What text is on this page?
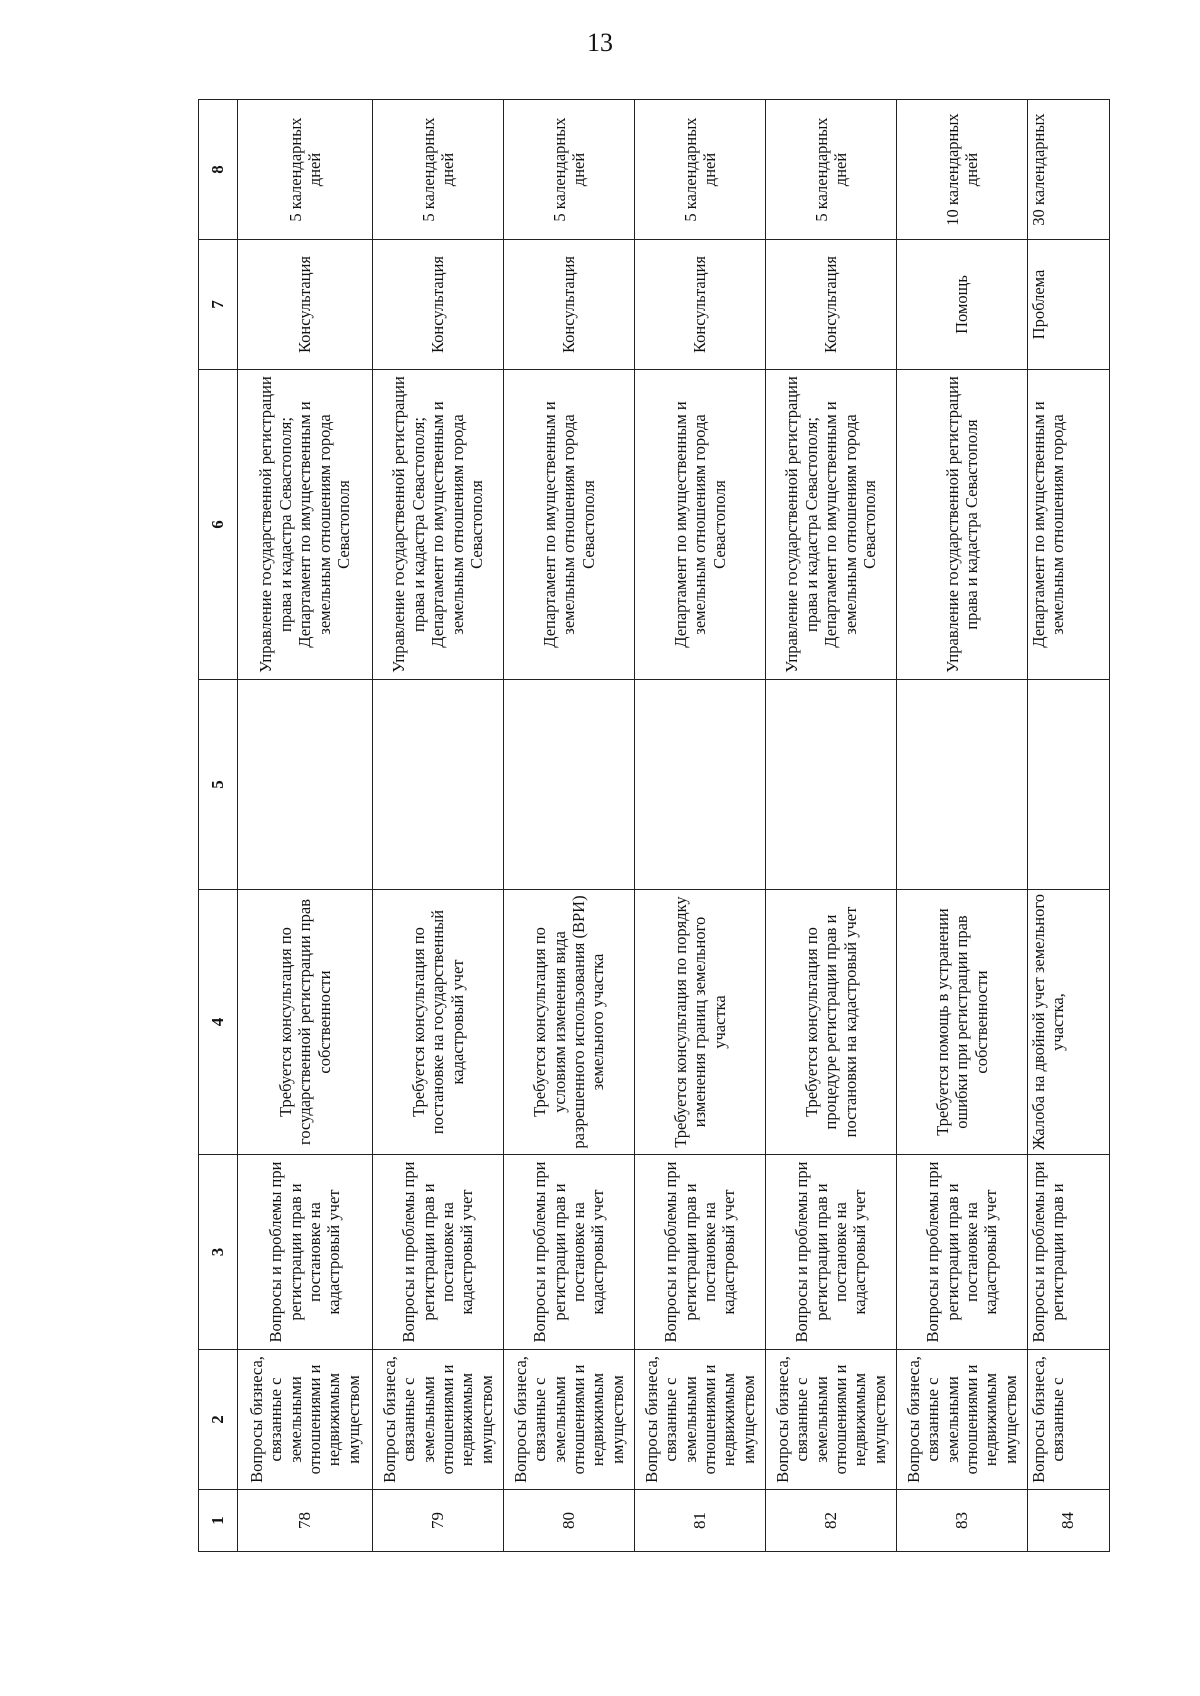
13
1	2	3	4	5	6	7	8
78	Вопросы бизнеса, связанные с земельными отношениями и недвижимым имуществом	Вопросы и проблемы при регистрации прав и постановке на кадастровый учет	Требуется консультация по государственной регистрации прав собственности		Управление государственной регистрации права и кадастра Севастополя; Департамент по имущественным и земельным отношениям города Севастополя	Консультация	5 календарных дней
79	Вопросы бизнеса, связанные с земельными отношениями и недвижимым имуществом	Вопросы и проблемы при регистрации прав и постановке на кадастровый учет	Требуется консультация по постановке на государственный кадастровый учет		Управление государственной регистрации права и кадастра Севастополя; Департамент по имущественным и земельным отношениям города Севастополя	Консультация	5 календарных дней
80	Вопросы бизнеса, связанные с земельными отношениями и недвижимым имуществом	Вопросы и проблемы при регистрации прав и постановке на кадастровый учет	Требуется консультация по условиям изменения вида разрешенного использования (ВРИ) земельного участка		Департамент по имущественным и земельным отношениям города Севастополя	Консультация	5 календарных дней
81	Вопросы бизнеса, связанные с земельными отношениями и недвижимым имуществом	Вопросы и проблемы при регистрации прав и постановке на кадастровый учет	Требуется консультация по порядку изменения границ земельного участка		Департамент по имущественным и земельным отношениям города Севастополя	Консультация	5 календарных дней
82	Вопросы бизнеса, связанные с земельными отношениями и недвижимым имуществом	Вопросы и проблемы при регистрации прав и постановке на кадастровый учет	Требуется консультация по процедуре регистрации прав и постановки на кадастровый учет		Управление государственной регистрации права и кадастра Севастополя; Департамент по имущественным и земельным отношениям города Севастополя	Консультация	5 календарных дней
83	Вопросы бизнеса, связанные с земельными отношениями и недвижимым имуществом	Вопросы и проблемы при регистрации прав и постановке на кадастровый учет	Требуется помощь в устранении ошибки при регистрации прав собственности		Управление государственной регистрации права и кадастра Севастополя	Помощь	10 календарных дней
84	Вопросы бизнеса, связанные с	Вопросы и проблемы при регистрации прав и	Жалоба на двойной учет земельного участка,		Департамент по имущественным и земельным отношениям города	Проблема	30 календарных
